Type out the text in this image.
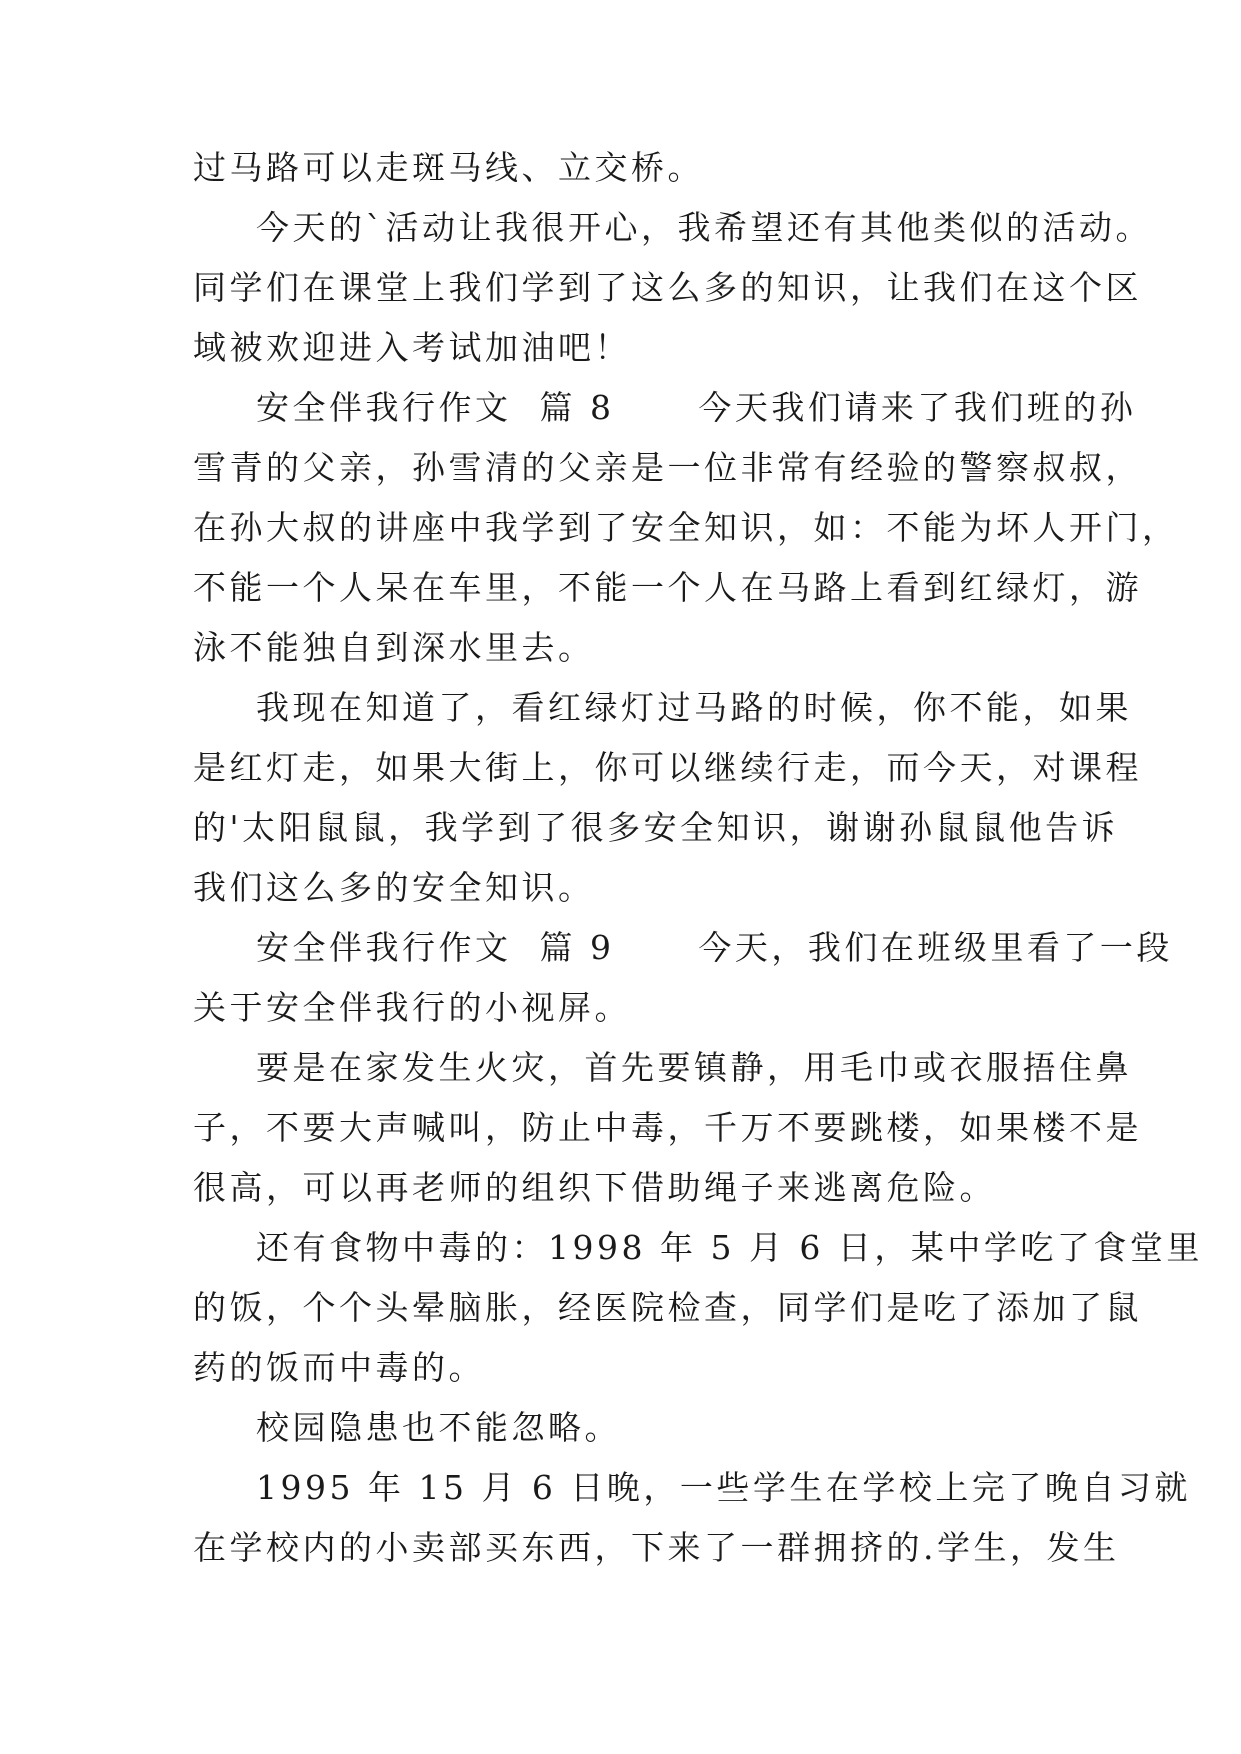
过马路可以走斑马线、立交桥。
今天的`活动让我很开心，我希望还有其他类似的活动。
同学们在课堂上我们学到了这么多的知识，让我们在这个区
域被欢迎进入考试加油吧！
安全伴我行作文  篇 8      今天我们请来了我们班的孙
雪青的父亲，孙雪清的父亲是一位非常有经验的警察叔叔，
在孙大叔的讲座中我学到了安全知识，如：不能为坏人开门，
不能一个人呆在车里，不能一个人在马路上看到红绿灯，游
泳不能独自到深水里去。
我现在知道了，看红绿灯过马路的时候，你不能，如果
是红灯走，如果大街上，你可以继续行走，而今天，对课程
的'太阳鼠鼠，我学到了很多安全知识，谢谢孙鼠鼠他告诉
我们这么多的安全知识。
安全伴我行作文  篇 9      今天，我们在班级里看了一段
关于安全伴我行的小视屏。
要是在家发生火灾，首先要镇静，用毛巾或衣服捂住鼻
子，不要大声喊叫，防止中毒，千万不要跳楼，如果楼不是
很高，可以再老师的组织下借助绳子来逃离危险。
还有食物中毒的：1998 年 5 月 6 日，某中学吃了食堂里
的饭，个个头晕脑胀，经医院检查，同学们是吃了添加了鼠
药的饭而中毒的。
校园隐患也不能忽略。
1995 年 15 月 6 日晚，一些学生在学校上完了晚自习就
在学校内的小卖部买东西，下来了一群拥挤的.学生，发生
